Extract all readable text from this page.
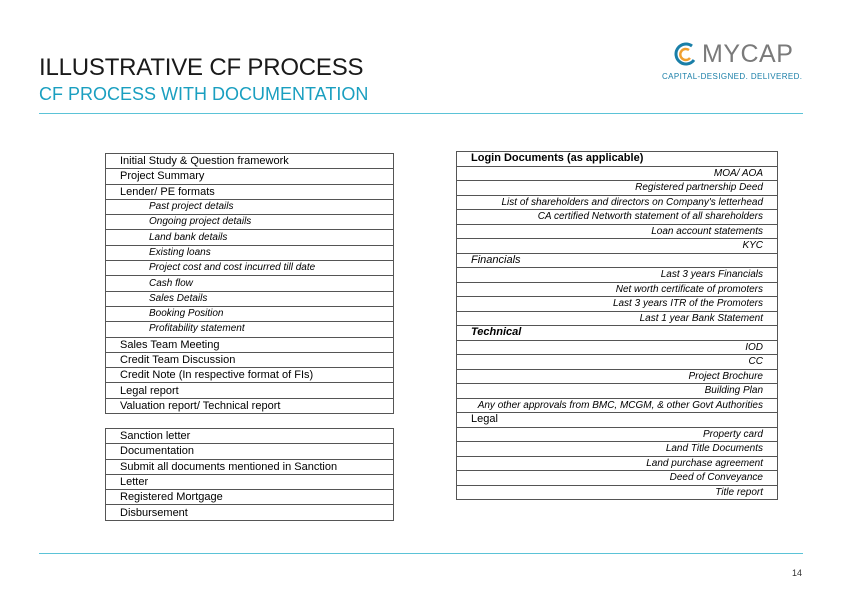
ILLUSTRATIVE CF PROCESS
CF PROCESS WITH DOCUMENTATION
MYCAP
CAPITAL-DESIGNED. DELIVERED.
Initial Study & Question framework
Project Summary
Lender/ PE formats
Past project details
Ongoing project details
Land bank details
Existing loans
Project cost and cost incurred till date
Cash flow
Sales Details
Booking Position
Profitability statement
Sales Team Meeting
Credit Team Discussion
Credit Note (In respective format of FIs)
Legal report
Valuation report/ Technical report
Sanction letter
Documentation
Submit all documents mentioned in Sanction
Letter
Registered Mortgage
Disbursement
Login Documents (as applicable)
MOA/ AOA
Registered partnership Deed
List of shareholders and directors on Company's letterhead
CA certified Networth statement of all shareholders
Loan account statements
KYC
Financials
Last 3 years Financials
Net worth certificate of promoters
Last 3 years ITR of the Promoters
Last 1 year Bank Statement
Technical
IOD
CC
Project Brochure
Building Plan
Any other approvals from BMC, MCGM, & other Govt Authorities
Legal
Property card
Land Title Documents
Land purchase agreement
Deed of Conveyance
Title report
14
